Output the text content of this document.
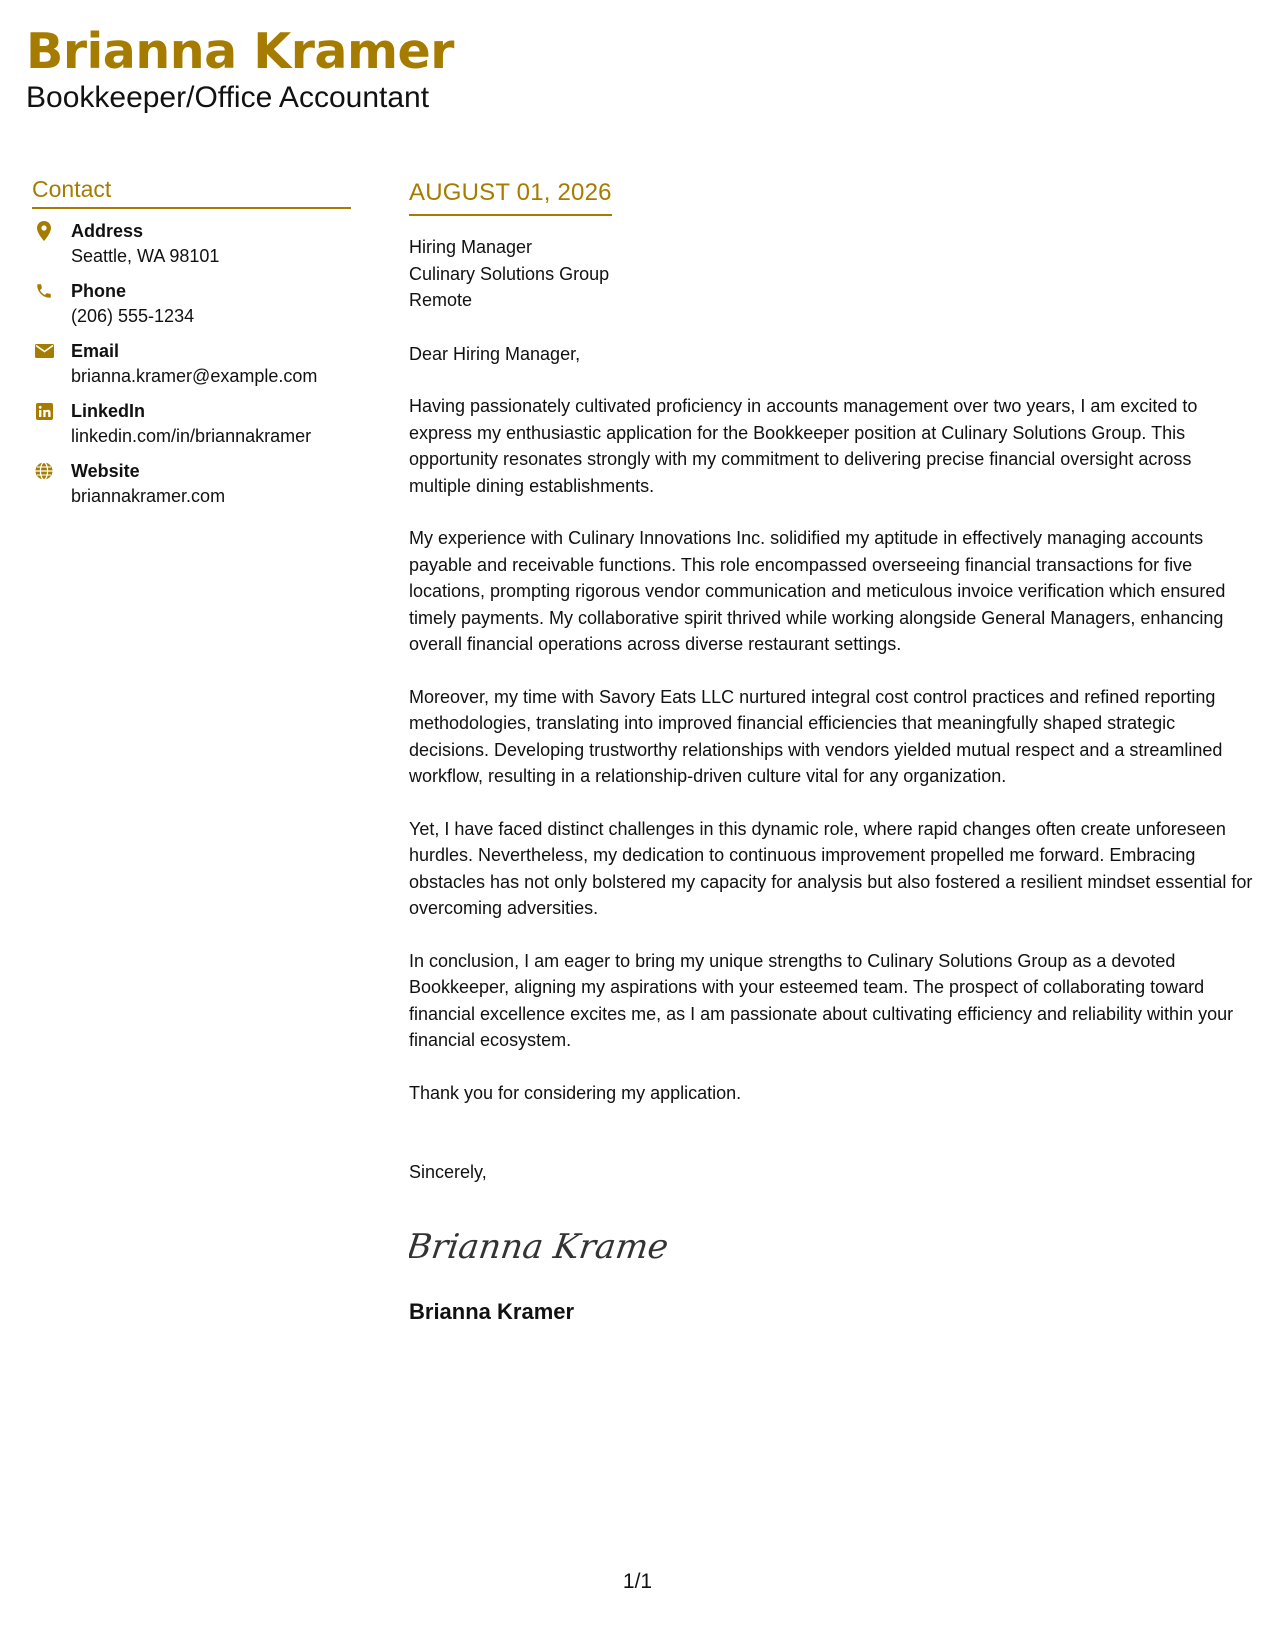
Brianna Kramer
Bookkeeper/Office Accountant
Contact
Address
Seattle, WA 98101
Phone
(206) 555-1234
Email
brianna.kramer@example.com
LinkedIn
linkedin.com/in/briannakramer
Website
briannakramer.com
AUGUST 01, 2026
Hiring Manager
Culinary Solutions Group
Remote
Dear Hiring Manager,
Having passionately cultivated proficiency in accounts management over two years, I am excited to express my enthusiastic application for the Bookkeeper position at Culinary Solutions Group. This opportunity resonates strongly with my commitment to delivering precise financial oversight across multiple dining establishments.
My experience with Culinary Innovations Inc. solidified my aptitude in effectively managing accounts payable and receivable functions. This role encompassed overseeing financial transactions for five locations, prompting rigorous vendor communication and meticulous invoice verification which ensured timely payments. My collaborative spirit thrived while working alongside General Managers, enhancing overall financial operations across diverse restaurant settings.
Moreover, my time with Savory Eats LLC nurtured integral cost control practices and refined reporting methodologies, translating into improved financial efficiencies that meaningfully shaped strategic decisions. Developing trustworthy relationships with vendors yielded mutual respect and a streamlined workflow, resulting in a relationship-driven culture vital for any organization.
Yet, I have faced distinct challenges in this dynamic role, where rapid changes often create unforeseen hurdles. Nevertheless, my dedication to continuous improvement propelled me forward. Embracing obstacles has not only bolstered my capacity for analysis but also fostered a resilient mindset essential for overcoming adversities.
In conclusion, I am eager to bring my unique strengths to Culinary Solutions Group as a devoted Bookkeeper, aligning my aspirations with your esteemed team. The prospect of collaborating toward financial excellence excites me, as I am passionate about cultivating efficiency and reliability within your financial ecosystem.
Thank you for considering my application.
Sincerely,
Brianna Kramer
Brianna Kramer
1/1
